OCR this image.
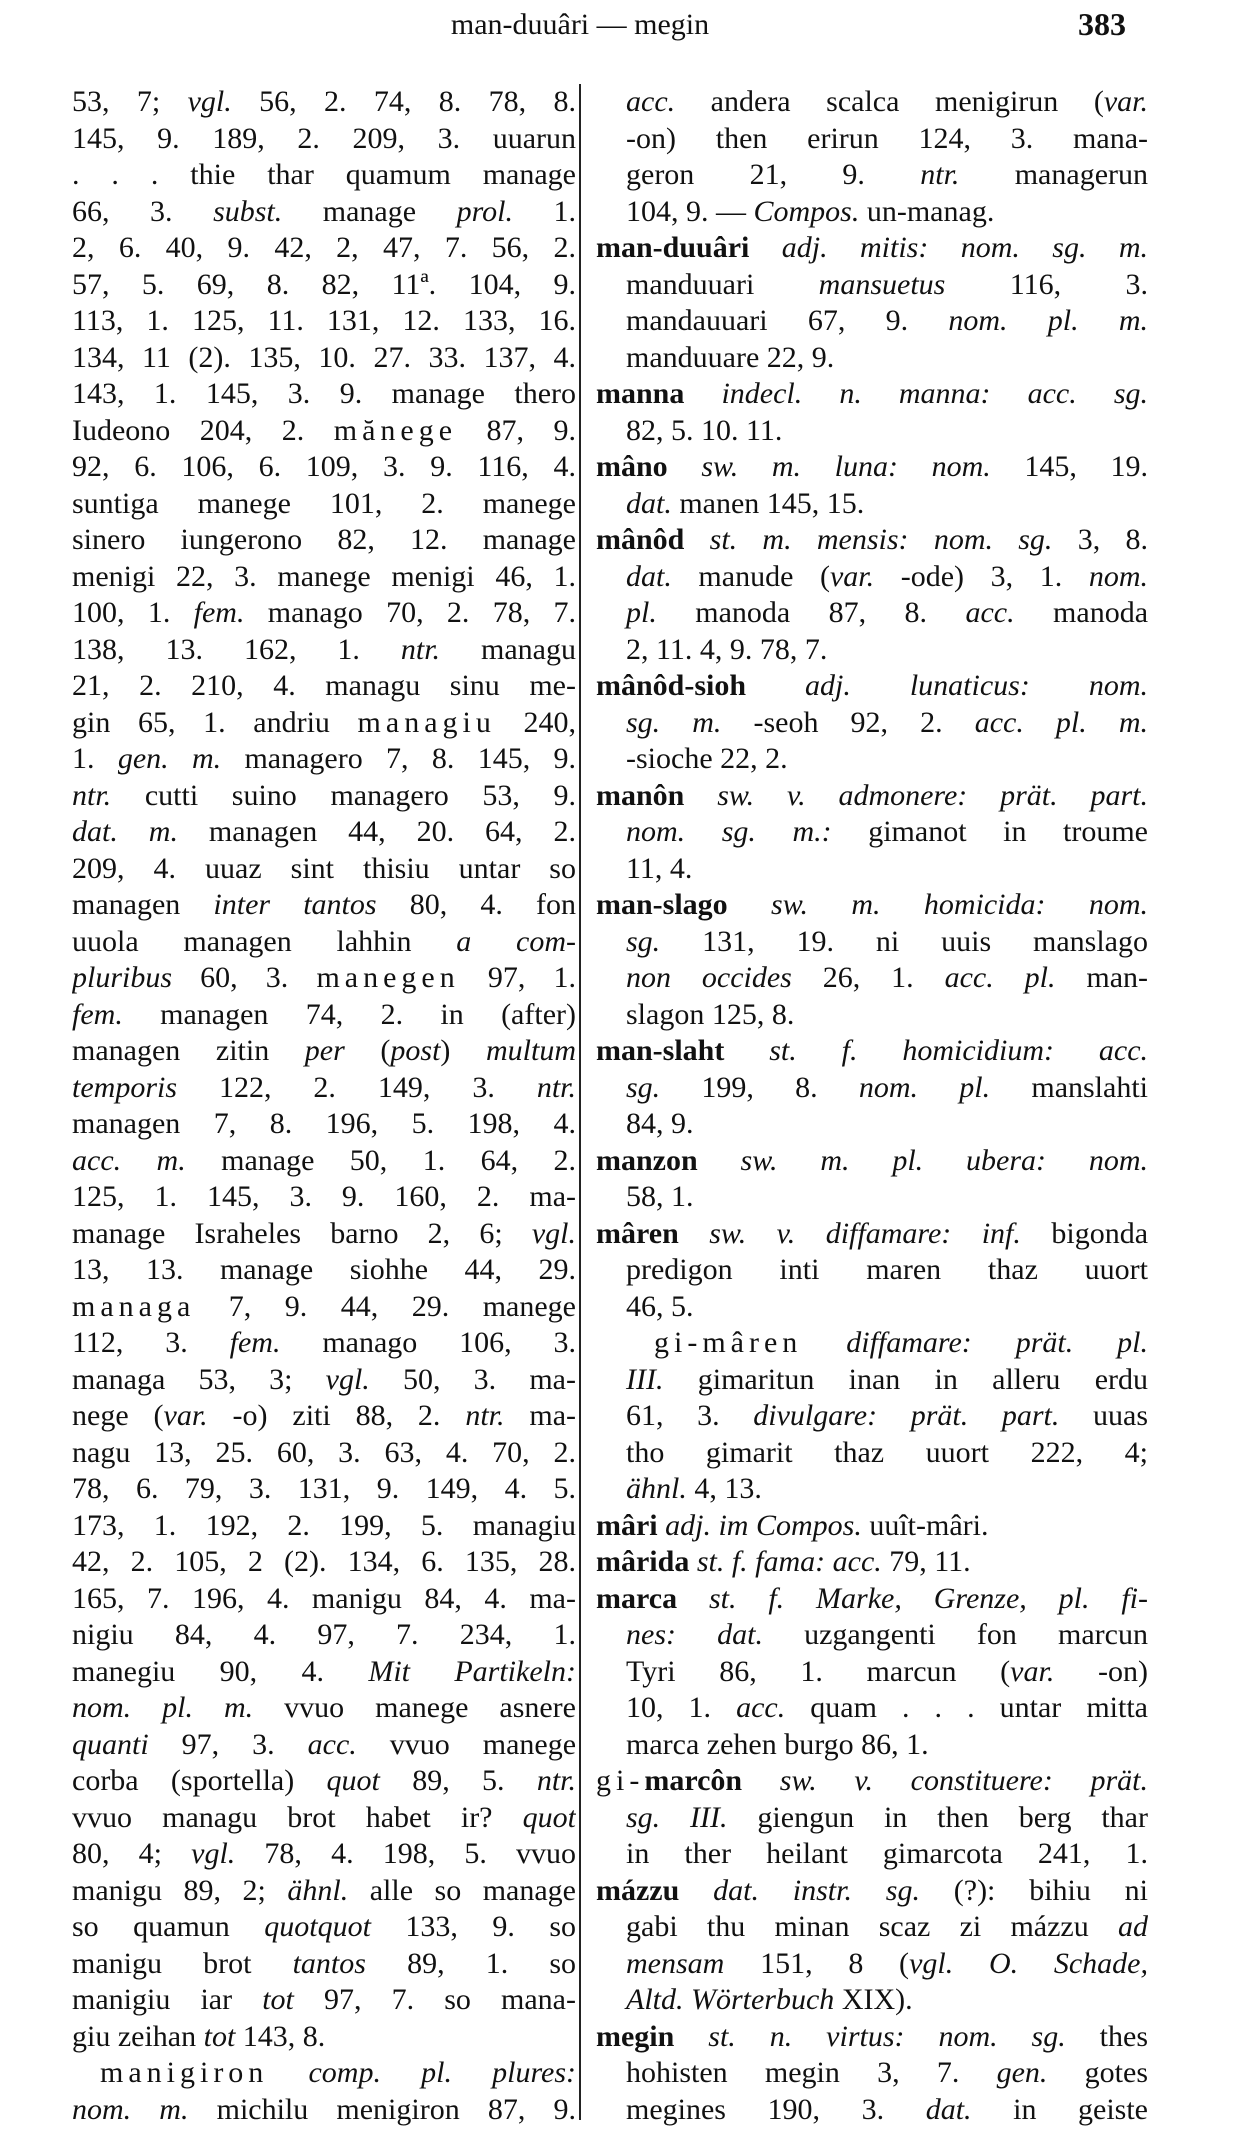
man-duuâri — megin	383
53, 7; vgl. 56, 2. 74, 8. 78, 8.
145, 9. 189, 2. 209, 3. uuarun
. . . thie thar quamum manage
66, 3. subst. manage prol. 1.
2, 6. 40, 9. 42, 2, 47, 7. 56, 2.
57, 5. 69, 8. 82, 11ª. 104, 9.
113, 1. 125, 11. 131, 12. 133, 16.
134, 11 (2). 135, 10. 27. 33. 137, 4.
143, 1. 145, 3. 9. manage thero
Iudeono 204, 2. mănege 87, 9.
92, 6. 106, 6. 109, 3. 9. 116, 4.
suntiga manege 101, 2. manege
sinero iungerono 82, 12. manage
menigi 22, 3. manege menigi 46, 1.
100, 1. fem. manago 70, 2. 78, 7.
138, 13. 162, 1. ntr. managu
21, 2. 210, 4. managu sinu me-
gin 65, 1. andriu managiu 240,
1. gen. m. managero 7, 8. 145, 9.
ntr. cutti suino managero 53, 9.
dat. m. managen 44, 20. 64, 2.
209, 4. uuaz sint thisiu untar so
managen inter tantos 80, 4. fon
uuola managen lahhin a com-
pluribus 60, 3. manegen 97, 1.
fem. managen 74, 2. in (after)
managen zitin per (post) multum
temporis 122, 2. 149, 3. ntr.
managen 7, 8. 196, 5. 198, 4.
acc. m. manage 50, 1. 64, 2.
125, 1. 145, 3. 9. 160, 2. ma-
manage Israheles barno 2, 6; vgl.
13, 13. manage siohhe 44, 29.
managa 7, 9. 44, 29. manege
112, 3. fem. manago 106, 3.
managa 53, 3; vgl. 50, 3. ma-
nege (var. -o) ziti 88, 2. ntr. ma-
nagu 13, 25. 60, 3. 63, 4. 70, 2.
78, 6. 79, 3. 131, 9. 149, 4. 5.
173, 1. 192, 2. 199, 5. managiu
42, 2. 105, 2 (2). 134, 6. 135, 28.
165, 7. 196, 4. manigu 84, 4. ma-
nigiu 84, 4. 97, 7. 234, 1.
manegiu 90, 4. Mit Partikeln:
nom. pl. m. vvuo manege asnere
quanti 97, 3. acc. vvuo manege
corba (sportella) quot 89, 5. ntr.
vvuo managu brot habet ir? quot
80, 4; vgl. 78, 4. 198, 5. vvuo
manigu 89, 2; ähnl. alle so manage
so quamun quotquot 133, 9. so
manigu brot tantos 89, 1. so
manigiu iar tot 97, 7. so mana-
giu zeihan tot 143, 8.
manigiron comp. pl. plures:
nom. m. michilu menigiron 87, 9.
acc. andera scalca menigirun (var.
-on) then erirun 124, 3. mana-
geron 21, 9. ntr. managerun
104, 9. — Compos. un-manag.
man-duuâri adj. mitis: nom. sg. m.
manduuari mansuetus 116, 3.
mandauuari 67, 9. nom. pl. m.
manduuare 22, 9.
manna indecl. n. manna: acc. sg.
82, 5. 10. 11.
mâno sw. m. luna: nom. 145, 19.
dat. manen 145, 15.
mânôd st. m. mensis: nom. sg. 3, 8.
dat. manude (var. -ode) 3, 1. nom.
pl. manoda 87, 8. acc. manoda
2, 11. 4, 9. 78, 7.
mânôd-sioh adj. lunaticus: nom.
sg. m. -seoh 92, 2. acc. pl. m.
-sioche 22, 2.
manôn sw. v. admonere: prät. part.
nom. sg. m.: gimanot in troume
11, 4.
man-slago sw. m. homicida: nom.
sg. 131, 19. ni uuis manslago
non occides 26, 1. acc. pl. man-
slagon 125, 8.
man-slaht st. f. homicidium: acc.
sg. 199, 8. nom. pl. manslahti
84, 9.
manzon sw. m. pl. ubera: nom.
58, 1.
mâren sw. v. diffamare: inf. bigonda
predigon inti maren thaz uuort
46, 5.
gi-mâren diffamare: prät. pl.
III. gimaritun inan in alleru erdu
61, 3. divulgare: prät. part. uuas
tho gimarit thaz uuort 222, 4;
ähnl. 4, 13.
mâri adj. im Compos. uuît-mâri.
mârida st. f. fama: acc. 79, 11.
marca st. f. Marke, Grenze, pl. fi-
nes: dat. uzgangenti fon marcun
Tyri 86, 1. marcun (var. -on)
10, 1. acc. quam . . . untar mitta
marca zehen burgo 86, 1.
gi-marcôn sw. v. constituere: prät.
sg. III. giengun in then berg thar
in ther heilant gimarcota 241, 1.
mázzu dat. instr. sg. (?): bihiu ni
gabi thu minan scaz zi mázzu ad
mensam 151, 8 (vgl. O. Schade,
Altd. Wörterbuch XIX).
megin st. n. virtus: nom. sg. thes
hohisten megin 3, 7. gen. gotes
megines 190, 3. dat. in geiste
